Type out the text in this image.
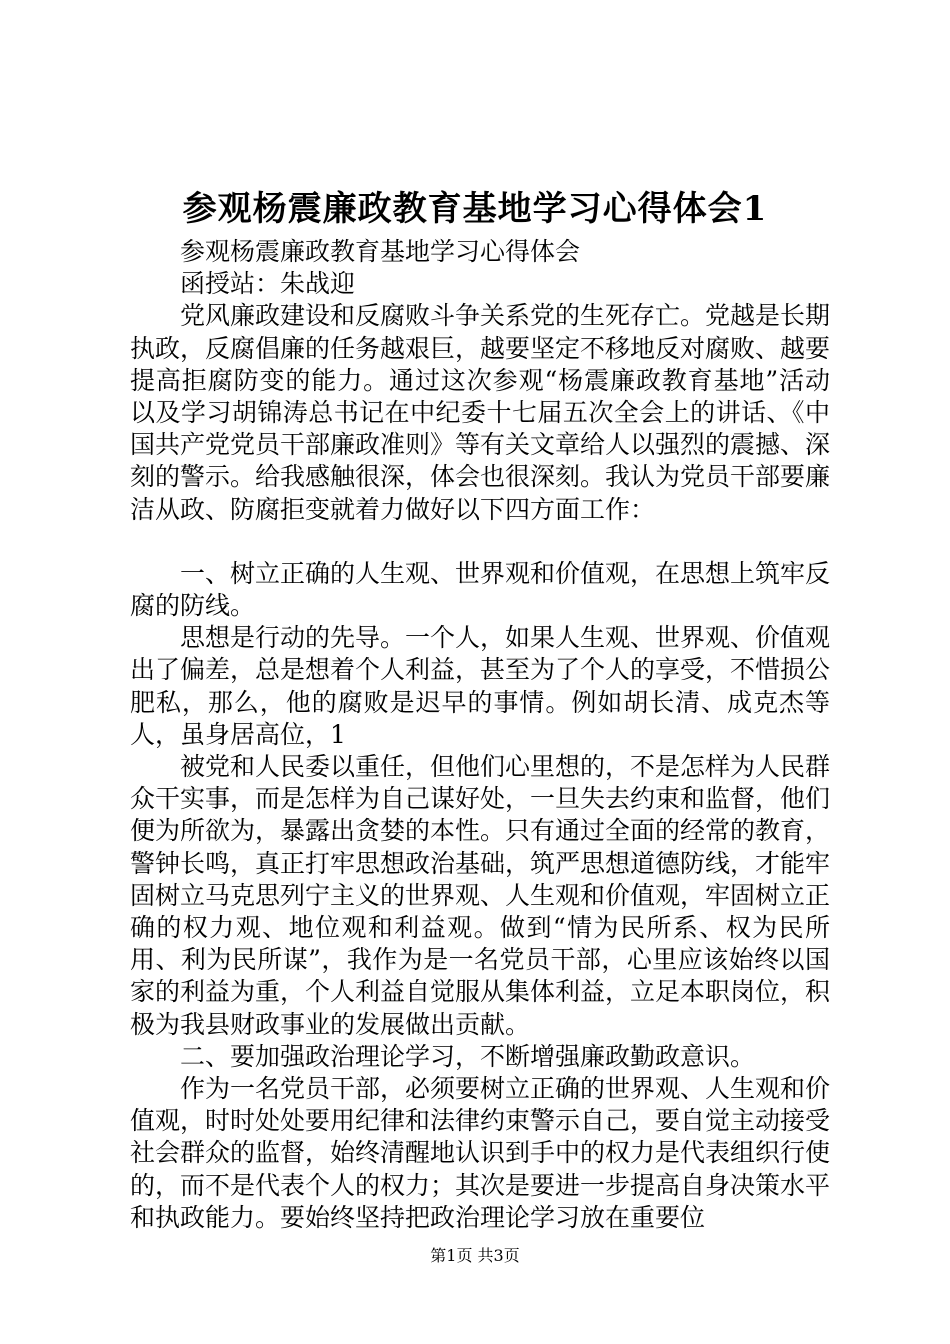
参观杨震廉政教育基地学习心得体会1

参观杨震廉政教育基地学习心得体会

函授站：朱战迎

党风廉政建设和反腐败斗争关系党的生死存亡。党越是长期执政，反腐倡廉的任务越艰巨，越要坚定不移地反对腐败、越要提高拒腐防变的能力。通过这次参观“杨震廉政教育基地”活动以及学习胡锦涛总书记在中纪委十七届五次全会上的讲话、《中国共产党党员干部廉政准则》等有关文章给人以强烈的震撼、深刻的警示。给我感触很深，体会也很深刻。我认为党员干部要廉洁从政、防腐拒变就着力做好以下四方面工作：

一、树立正确的人生观、世界观和价值观，在思想上筑牢反腐的防线。

思想是行动的先导。一个人，如果人生观、世界观、价值观出了偏差，总是想着个人利益，甚至为了个人的享受，不惜损公肥私，那么，他的腐败是迟早的事情。例如胡长清、成克杰等人，虽身居高位，1

被党和人民委以重任，但他们心里想的，不是怎样为人民群众干实事，而是怎样为自己谋好处，一旦失去约束和监督，他们便为所欲为，暴露出贪婪的本性。只有通过全面的经常的教育，警钟长鸣，真正打牢思想政治基础，筑严思想道德防线，才能牢固树立马克思列宁主义的世界观、人生观和价值观，牢固树立正确的权力观、地位观和利益观。做到“情为民所系、权为民所用、利为民所谋”，我作为是一名党员干部，心里应该始终以国家的利益为重，个人利益自觉服从集体利益，立足本职岗位，积极为我县财政事业的发展做出贡献。

二、要加强政治理论学习，不断增强廉政勤政意识。

作为一名党员干部，必须要树立正确的世界观、人生观和价值观，时时处处要用纪律和法律约束警示自己，要自觉主动接受社会群众的监督，始终清醒地认识到手中的权力是代表组织行使的，而不是代表个人的权力；其次是要进一步提高自身决策水平和执政能力。要始终坚持把政治理论学习放在重要位

第1页 共3页
